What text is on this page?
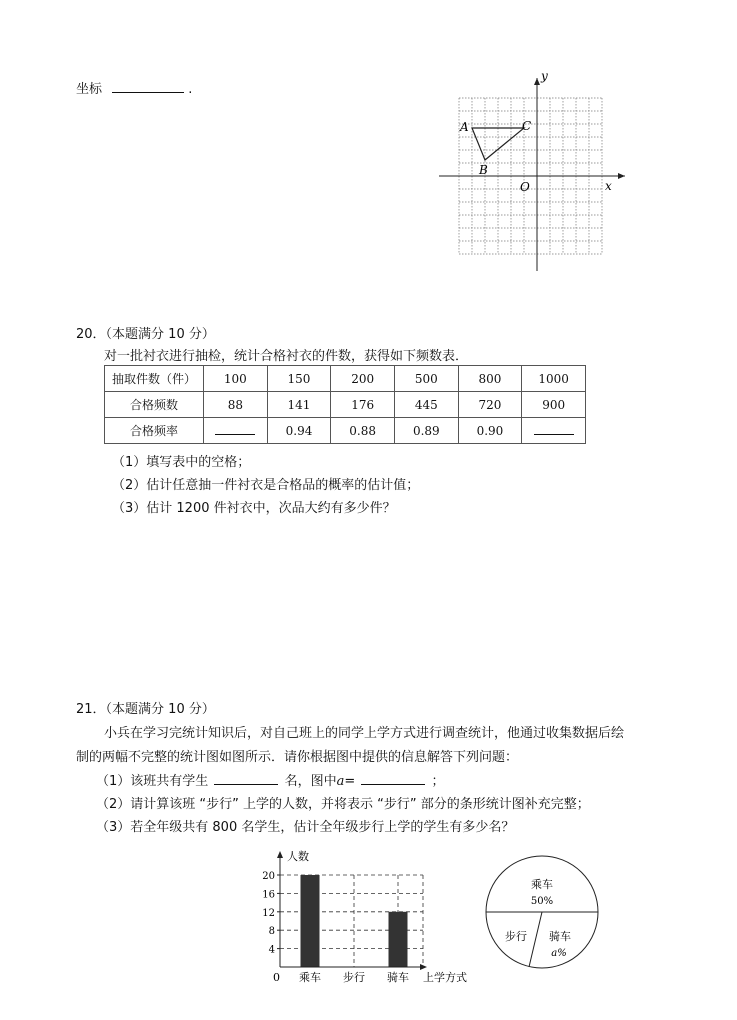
坐标	.
A
B
C
O	x
y
20．（本题满分 10 分）
对一批衬衣进行抽检，统计合格衬衣的件数，获得如下频数表．
抽取件数（件）	100	150	200	500	800	1000
合格频数	88	141	176	445	720	900
合格频率		0.94	0.88	0.89	0.90	
（1）填写表中的空格；
（2）估计任意抽一件衬衣是合格品的概率的估计值；
（3）估计 1200 件衬衣中，次品大约有多少件？
21．（本题满分 10 分）
小兵在学习完统计知识后，对自己班上的同学上学方式进行调查统计，他通过收集数据后绘
制的两幅不完整的统计图如图所示．请你根据图中提供的信息解答下列问题：
（1）该班共有学生	名，图中a=	；
（2）请计算该班 “步行” 上学的人数，并将表示 “步行” 部分的条形统计图补充完整；
（3）若全年级共有 800 名学生，估计全年级步行上学的学生有多少名？
4
8
12
16
20
乘车 步行 骑车
人数
上学方式
0
乘车
50%
步行 骑车
a%
